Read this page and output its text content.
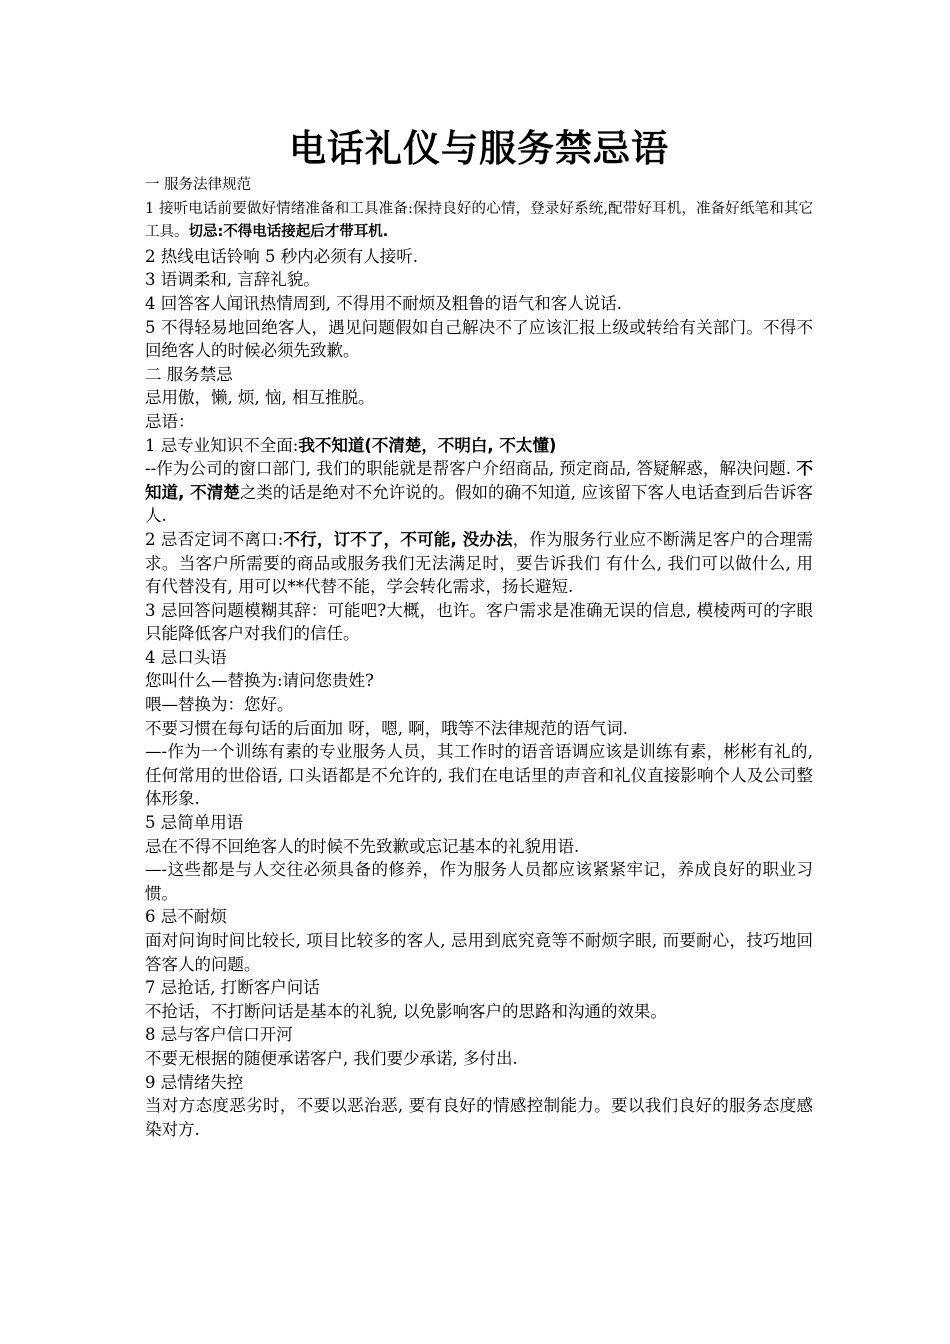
电话礼仪与服务禁忌语

一 服务法律规范

1 接听电话前要做好情绪准备和工具准备:保持良好的心情，登录好系统,配带好耳机，准备好纸笔和其它工具。切忌:不得电话接起后才带耳机.

2 热线电话铃响 5 秒内必须有人接听.

3 语调柔和, 言辞礼貌。

4 回答客人闻讯热情周到, 不得用不耐烦及粗鲁的语气和客人说话.

5 不得轻易地回绝客人，遇见问题假如自己解决不了应该汇报上级或转给有关部门。不得不回绝客人的时候必须先致歉。

二 服务禁忌

忌用傲，懒, 烦, 恼, 相互推脱。

忌语：

1 忌专业知识不全面:我不知道(不清楚，不明白, 不太懂)

--作为公司的窗口部门, 我们的职能就是帮客户介绍商品, 预定商品, 答疑解惑，解决问题. 不知道, 不清楚之类的话是绝对不允许说的。假如的确不知道, 应该留下客人电话查到后告诉客人.

2 忌否定词不离口:不行，订不了，不可能, 没办法，作为服务行业应不断满足客户的合理需求。当客户所需要的商品或服务我们无法满足时，要告诉我们 有什么, 我们可以做什么, 用有代替没有, 用可以**代替不能，学会转化需求，扬长避短.

3 忌回答问题模糊其辞：可能吧?大概，也许。客户需求是准确无误的信息, 模棱两可的字眼只能降低客户对我们的信任。

4 忌口头语

您叫什么—替换为:请问您贵姓?

喂—替换为：您好。

不要习惯在每句话的后面加 呀，嗯, 啊，哦等不法律规范的语气词.

—-作为一个训练有素的专业服务人员，其工作时的语音语调应该是训练有素，彬彬有礼的, 任何常用的世俗语, 口头语都是不允许的, 我们在电话里的声音和礼仪直接影响个人及公司整体形象.

5 忌简单用语

忌在不得不回绝客人的时候不先致歉或忘记基本的礼貌用语.

—-这些都是与人交往必须具备的修养，作为服务人员都应该紧紧牢记，养成良好的职业习惯。

6 忌不耐烦

面对问询时间比较长, 项目比较多的客人, 忌用到底究竟等不耐烦字眼, 而要耐心，技巧地回答客人的问题。

7 忌抢话, 打断客户问话

不抢话，不打断问话是基本的礼貌, 以免影响客户的思路和沟通的效果。

8 忌与客户信口开河

不要无根据的随便承诺客户, 我们要少承诺, 多付出.

9 忌情绪失控

当对方态度恶劣时，不要以恶治恶, 要有良好的情感控制能力。要以我们良好的服务态度感染对方.
